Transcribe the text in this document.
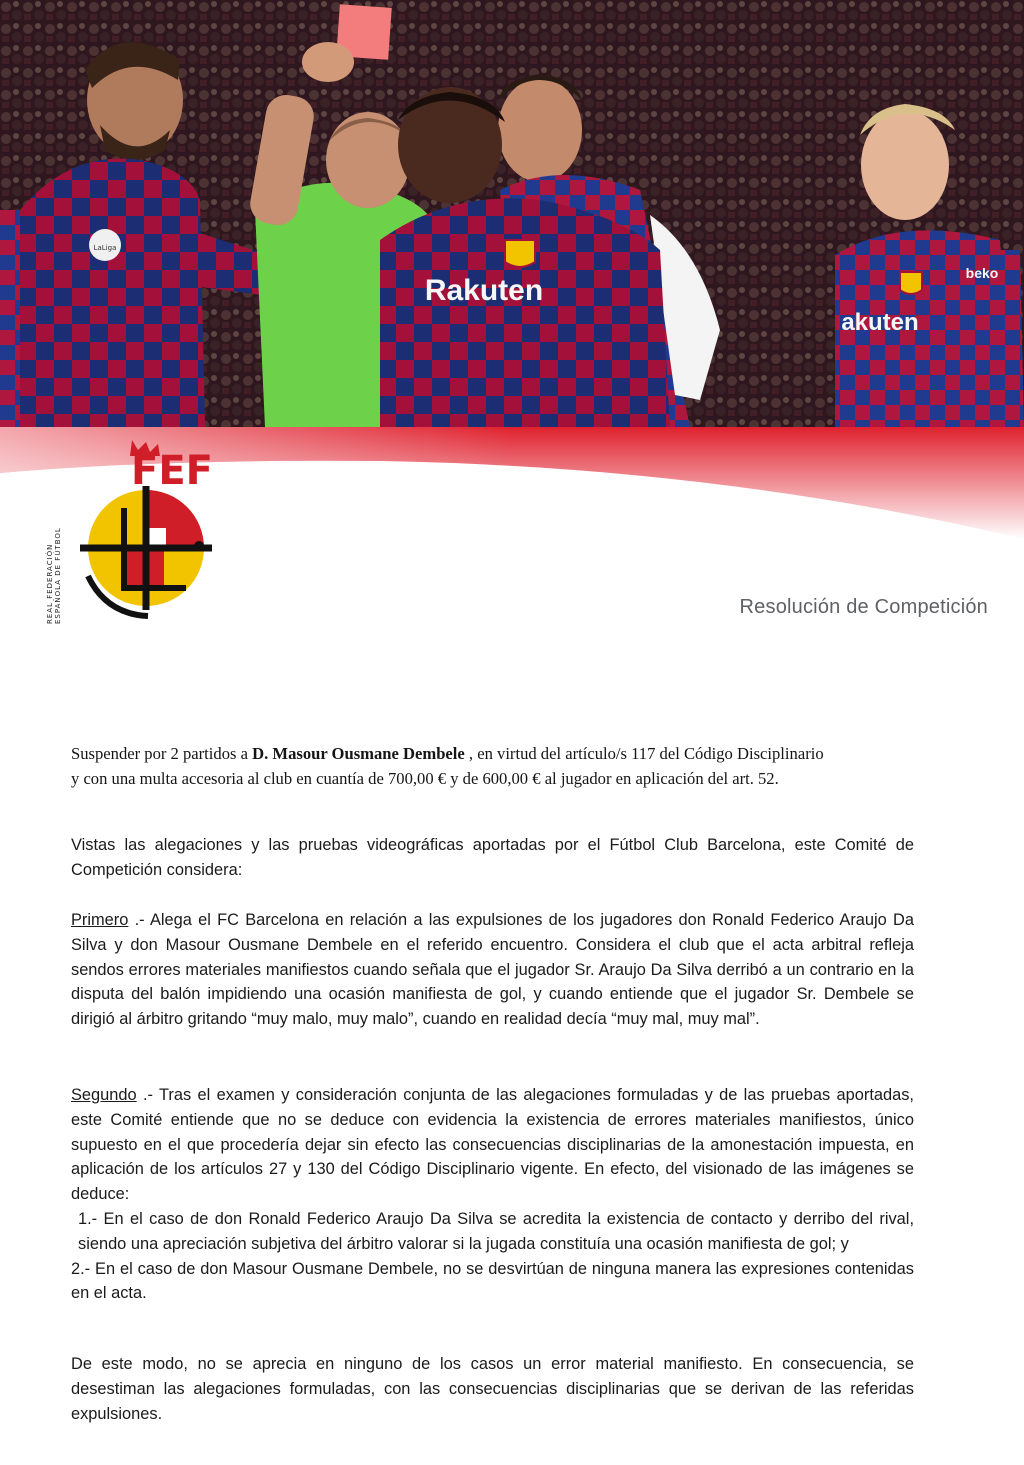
LaLiga
Rakuten
akuten
beko
FEF
REAL FEDERACIÓN ESPAÑOLA DE FÚTBOL	Resolución de Competición
Suspender por 2 partidos a D. Masour Ousmane Dembele , en virtud del artículo/s 117 del Código Disciplinario
y con una multa accesoria al club en cuantía de 700,00 € y de 600,00 € al jugador en aplicación del art. 52.
Vistas las alegaciones y las pruebas videográficas aportadas por el Fútbol Club Barcelona, este Comité de Competición considera:
Primero .- Alega el FC Barcelona en relación a las expulsiones de los jugadores don Ronald Federico Araujo Da Silva y don Masour Ousmane Dembele en el referido encuentro. Considera el club que el acta arbitral refleja sendos errores materiales manifiestos cuando señala que el jugador Sr. Araujo Da Silva derribó a un contrario en la disputa del balón impidiendo una ocasión manifiesta de gol, y cuando entiende que el jugador Sr. Dembele se dirigió al árbitro gritando “muy malo, muy malo”, cuando en realidad decía “muy mal, muy mal”.
Segundo .- Tras el examen y consideración conjunta de las alegaciones formuladas y de las pruebas aportadas, este Comité entiende que no se deduce con evidencia la existencia de errores materiales manifiestos, único supuesto en el que procedería dejar sin efecto las consecuencias disciplinarias de la amonestación impuesta, en aplicación de los artículos 27 y 130 del Código Disciplinario vigente. En efecto, del visionado de las imágenes se deduce:
1.- En el caso de don Ronald Federico Araujo Da Silva se acredita la existencia de contacto y derribo del rival, siendo una apreciación subjetiva del árbitro valorar si la jugada constituía una ocasión manifiesta de gol; y
2.- En el caso de don Masour Ousmane Dembele, no se desvirtúan de ninguna manera las expresiones contenidas en el acta.
De este modo, no se aprecia en ninguno de los casos un error material manifiesto. En consecuencia, se desestiman las alegaciones formuladas, con las consecuencias disciplinarias que se derivan de las referidas expulsiones.
